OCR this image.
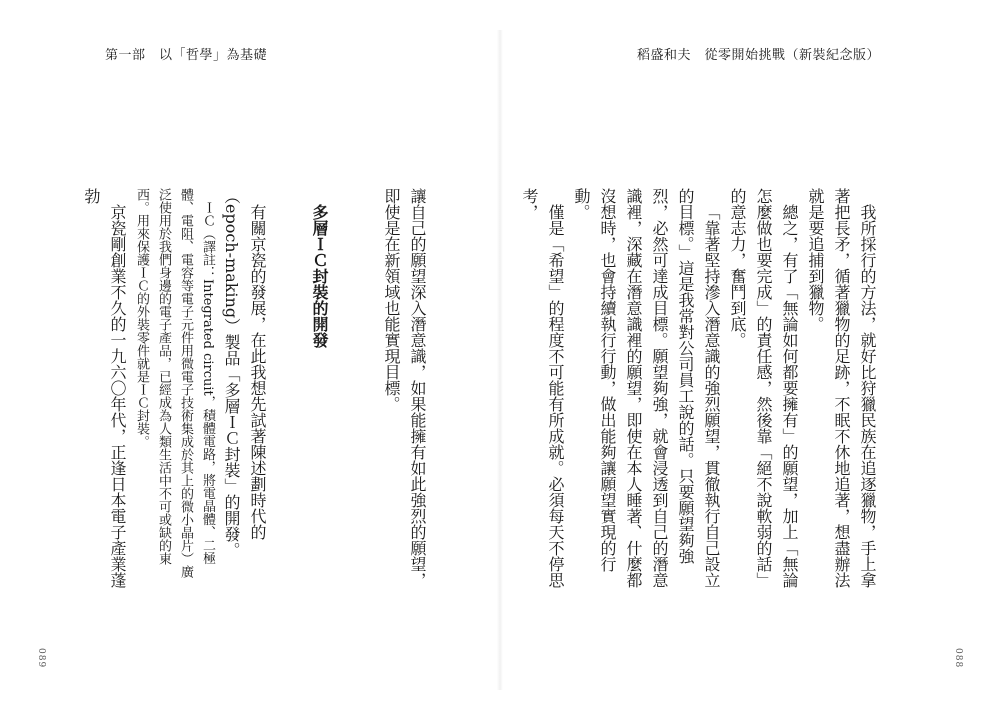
第一部　以「哲學」為基礎	稻盛和夫　從零開始挑戰（新裝紀念版）
我所採行的方法，就好比狩獵民族在追逐獵物，手上拿著把長矛，循著獵物的足跡，不眠不休地追著，想盡辦法就是要追捕到獵物。
總之，有了「無論如何都要擁有」的願望，加上「無論怎麼做也要完成」的責任感，然後靠「絕不說軟弱的話」的意志力，奮鬥到底。
「靠著堅持滲入潛意識的強烈願望，貫徹執行自己設立的目標。」這是我常對公司員工說的話。只要願望夠強烈，必然可達成目標。願望夠強，就會浸透到自己的潛意識裡，深藏在潛意識裡的願望，即使在本人睡著、什麼都沒想時，也會持續執行行動，做出能夠讓願望實現的行動。
僅是「希望」的程度不可能有所成就。必須每天不停思考，
讓自己的願望深入潛意識，如果能擁有如此強烈的願望，即使是在新領域也能實現目標。
多層ＩＣ封裝的開發
有關京瓷的發展，在此我想先試著陳述劃時代的（epoch-making）製品「多層ＩＣ封裝」的開發。
ＩＣ（譯註：Integrated circuit，積體電路，將電晶體、二極體、電阻、電容等電子元件用微電子技術集成於其上的微小晶片）廣泛使用於我們身邊的電子產品，已經成為人類生活中不可或缺的東西。用來保護ＩＣ的外裝零件就是ＩＣ封裝。
京瓷剛創業不久的一九六〇年代，正逢日本電子產業蓬勃
089	088
